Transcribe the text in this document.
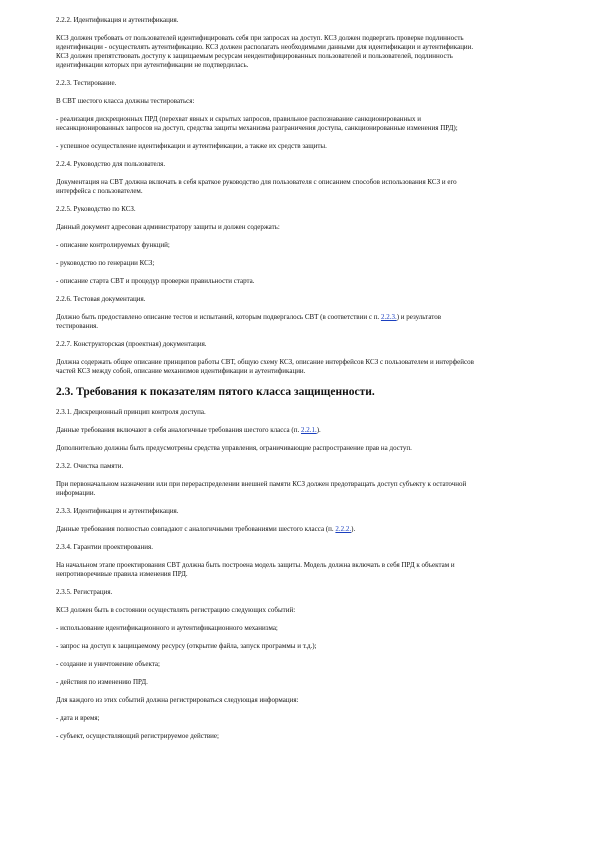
2.2.2. Идентификация и аутентификация.

КСЗ должен требовать от пользователей идентифицировать себя при запросах на доступ. КСЗ должен подвергать проверке подлинность
идентификации - осуществлять аутентификацию. КСЗ должен располагать необходимыми данными для идентификации и аутентификации.
КСЗ должен препятствовать доступу к защищаемым ресурсам неидентифицированных пользователей и пользователей, подлинность
идентификации которых при аутентификации не подтвердилась.

2.2.3. Тестирование.

В СВТ шестого класса должны тестироваться:

- реализация дискреционных ПРД (перехват явных и скрытых запросов, правильное распознавание санкционированных и
несанкционированных запросов на доступ, средства защиты механизма разграничения доступа, санкционированные изменения ПРД);

- успешное осуществление идентификации и аутентификации, а также их средств защиты.

2.2.4. Руководство для пользователя.

Документация на СВТ должна включать в себя краткое руководство для пользователя с описанием способов использования КСЗ и его
интерфейса с пользователем.

2.2.5. Руководство по КСЗ.

Данный документ адресован администратору защиты и должен содержать:

- описание контролируемых функций;

- руководство по генерации КСЗ;

- описание старта СВТ и процедур проверки правильности старта.

2.2.6. Тестовая документация.

Должно быть предоставлено описание тестов и испытаний, которым подвергалось СВТ (в соответствии с п. 2.2.3.) и результатов
тестирования.

2.2.7. Конструкторская (проектная) документация.

Должна содержать общее описание принципов работы СВТ, общую схему КСЗ, описание интерфейсов КСЗ с пользователем и интерфейсов
частей КСЗ между собой, описание механизмов идентификации и аутентификации.

2.3. Требования к показателям пятого класса защищенности.

2.3.1. Дискреционный принцип контроля доступа.

Данные требования включают в себя аналогичные требования шестого класса (п. 2.2.1.).

Дополнительно должны быть предусмотрены средства управления, ограничивающие распространение прав на доступ.

2.3.2. Очистка памяти.

При первоначальном назначении или при перераспределении внешней памяти КСЗ должен предотвращать доступ субъекту к остаточной
информации.

2.3.3. Идентификация и аутентификация.

Данные требования полностью совпадают с аналогичными требованиями шестого класса (п. 2.2.2.).

2.3.4. Гарантии проектирования.

На начальном этапе проектирования СВТ должна быть построена модель защиты. Модель должна включать в себя ПРД к объектам и
непротиворечивые правила изменения ПРД.

2.3.5. Регистрация.

КСЗ должен быть в состоянии осуществлять регистрацию следующих событий:

- использование идентификационного и аутентификационного механизма;

- запрос на доступ к защищаемому ресурсу (открытие файла, запуск программы и т.д.);

- создание и уничтожение объекта;

- действия по изменению ПРД.

Для каждого из этих событий должна регистрироваться следующая информация:

- дата и время;

- субъект, осуществляющий регистрируемое действие;
